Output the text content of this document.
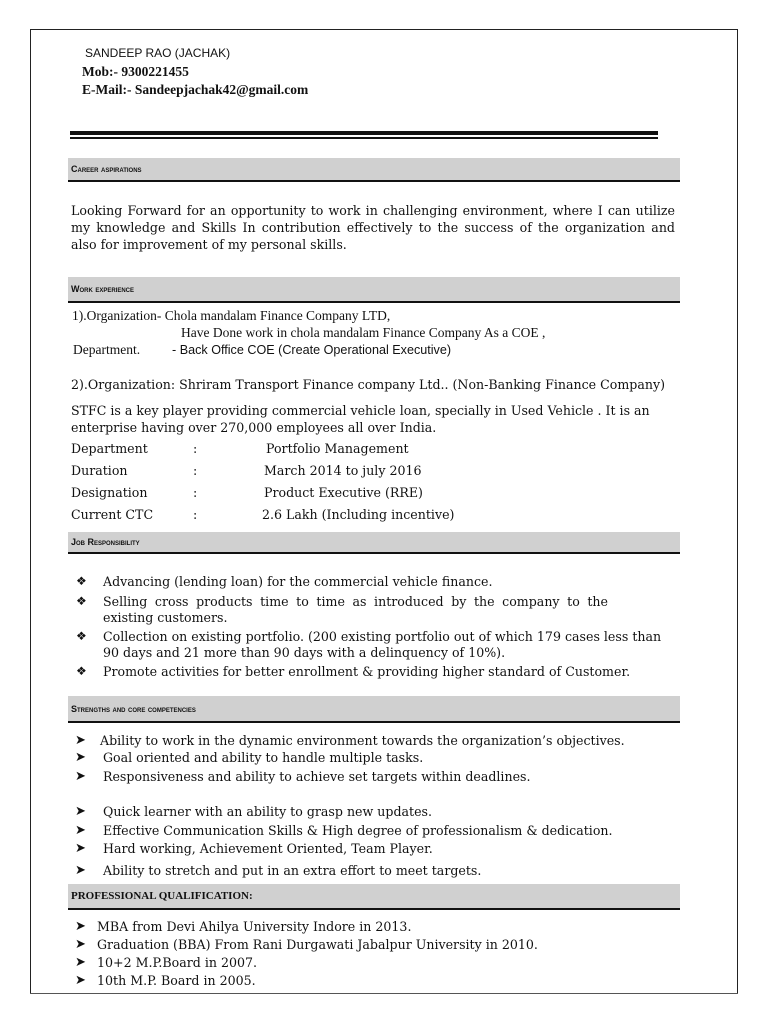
SANDEEP RAO (JACHAK)
Mob:- 9300221455
E-Mail:- Sandeepjachak42@gmail.com
Career aspirations
Looking Forward for an opportunity to work in challenging environment, where I can utilize my knowledge and Skills In contribution effectively to the success of the organization and also for improvement of my personal skills.
Work experience
1).Organization- Chola mandalam Finance Company LTD,
Have Done work in chola mandalam Finance Company As a COE ,
Department.	- Back Office COE (Create Operational Executive)
2).Organization: Shriram Transport Finance company Ltd.. (Non-Banking Finance Company)
STFC is a key player providing commercial vehicle loan, specially in Used Vehicle . It is an enterprise having over 270,000 employees all over India.
Department	:	Portfolio Management
Duration	:	March 2014 to july 2016
Designation	:	Product Executive (RRE)
Current CTC	:	2.6 Lakh (Including incentive)
Job Responsibility
❖	Advancing (lending loan) for the commercial vehicle finance.
❖	Selling cross products time to time as introduced by the company to the existing customers.
❖	Collection on existing portfolio. (200 existing portfolio out of which 179 cases less than 90 days and 21 more than 90 days with a delinquency of 10%).
❖	Promote activities for better enrollment & providing higher standard of Customer.
Strengths and core competencies
➤ Ability to work in the dynamic environment towards the organization’s objectives.
➤ Goal oriented and ability to handle multiple tasks.
➤ Responsiveness and ability to achieve set targets within deadlines.
➤ Quick learner with an ability to grasp new updates.
➤ Effective Communication Skills & High degree of professionalism & dedication.
➤ Hard working, Achievement Oriented, Team Player.
➤ Ability to stretch and put in an extra effort to meet targets.
PROFESSIONAL QUALIFICATION:
➤ MBA from Devi Ahilya University Indore in 2013.
➤ Graduation (BBA) From Rani Durgawati Jabalpur University in 2010.
➤ 10+2 M.P.Board in 2007.
➤ 10th M.P. Board in 2005.
